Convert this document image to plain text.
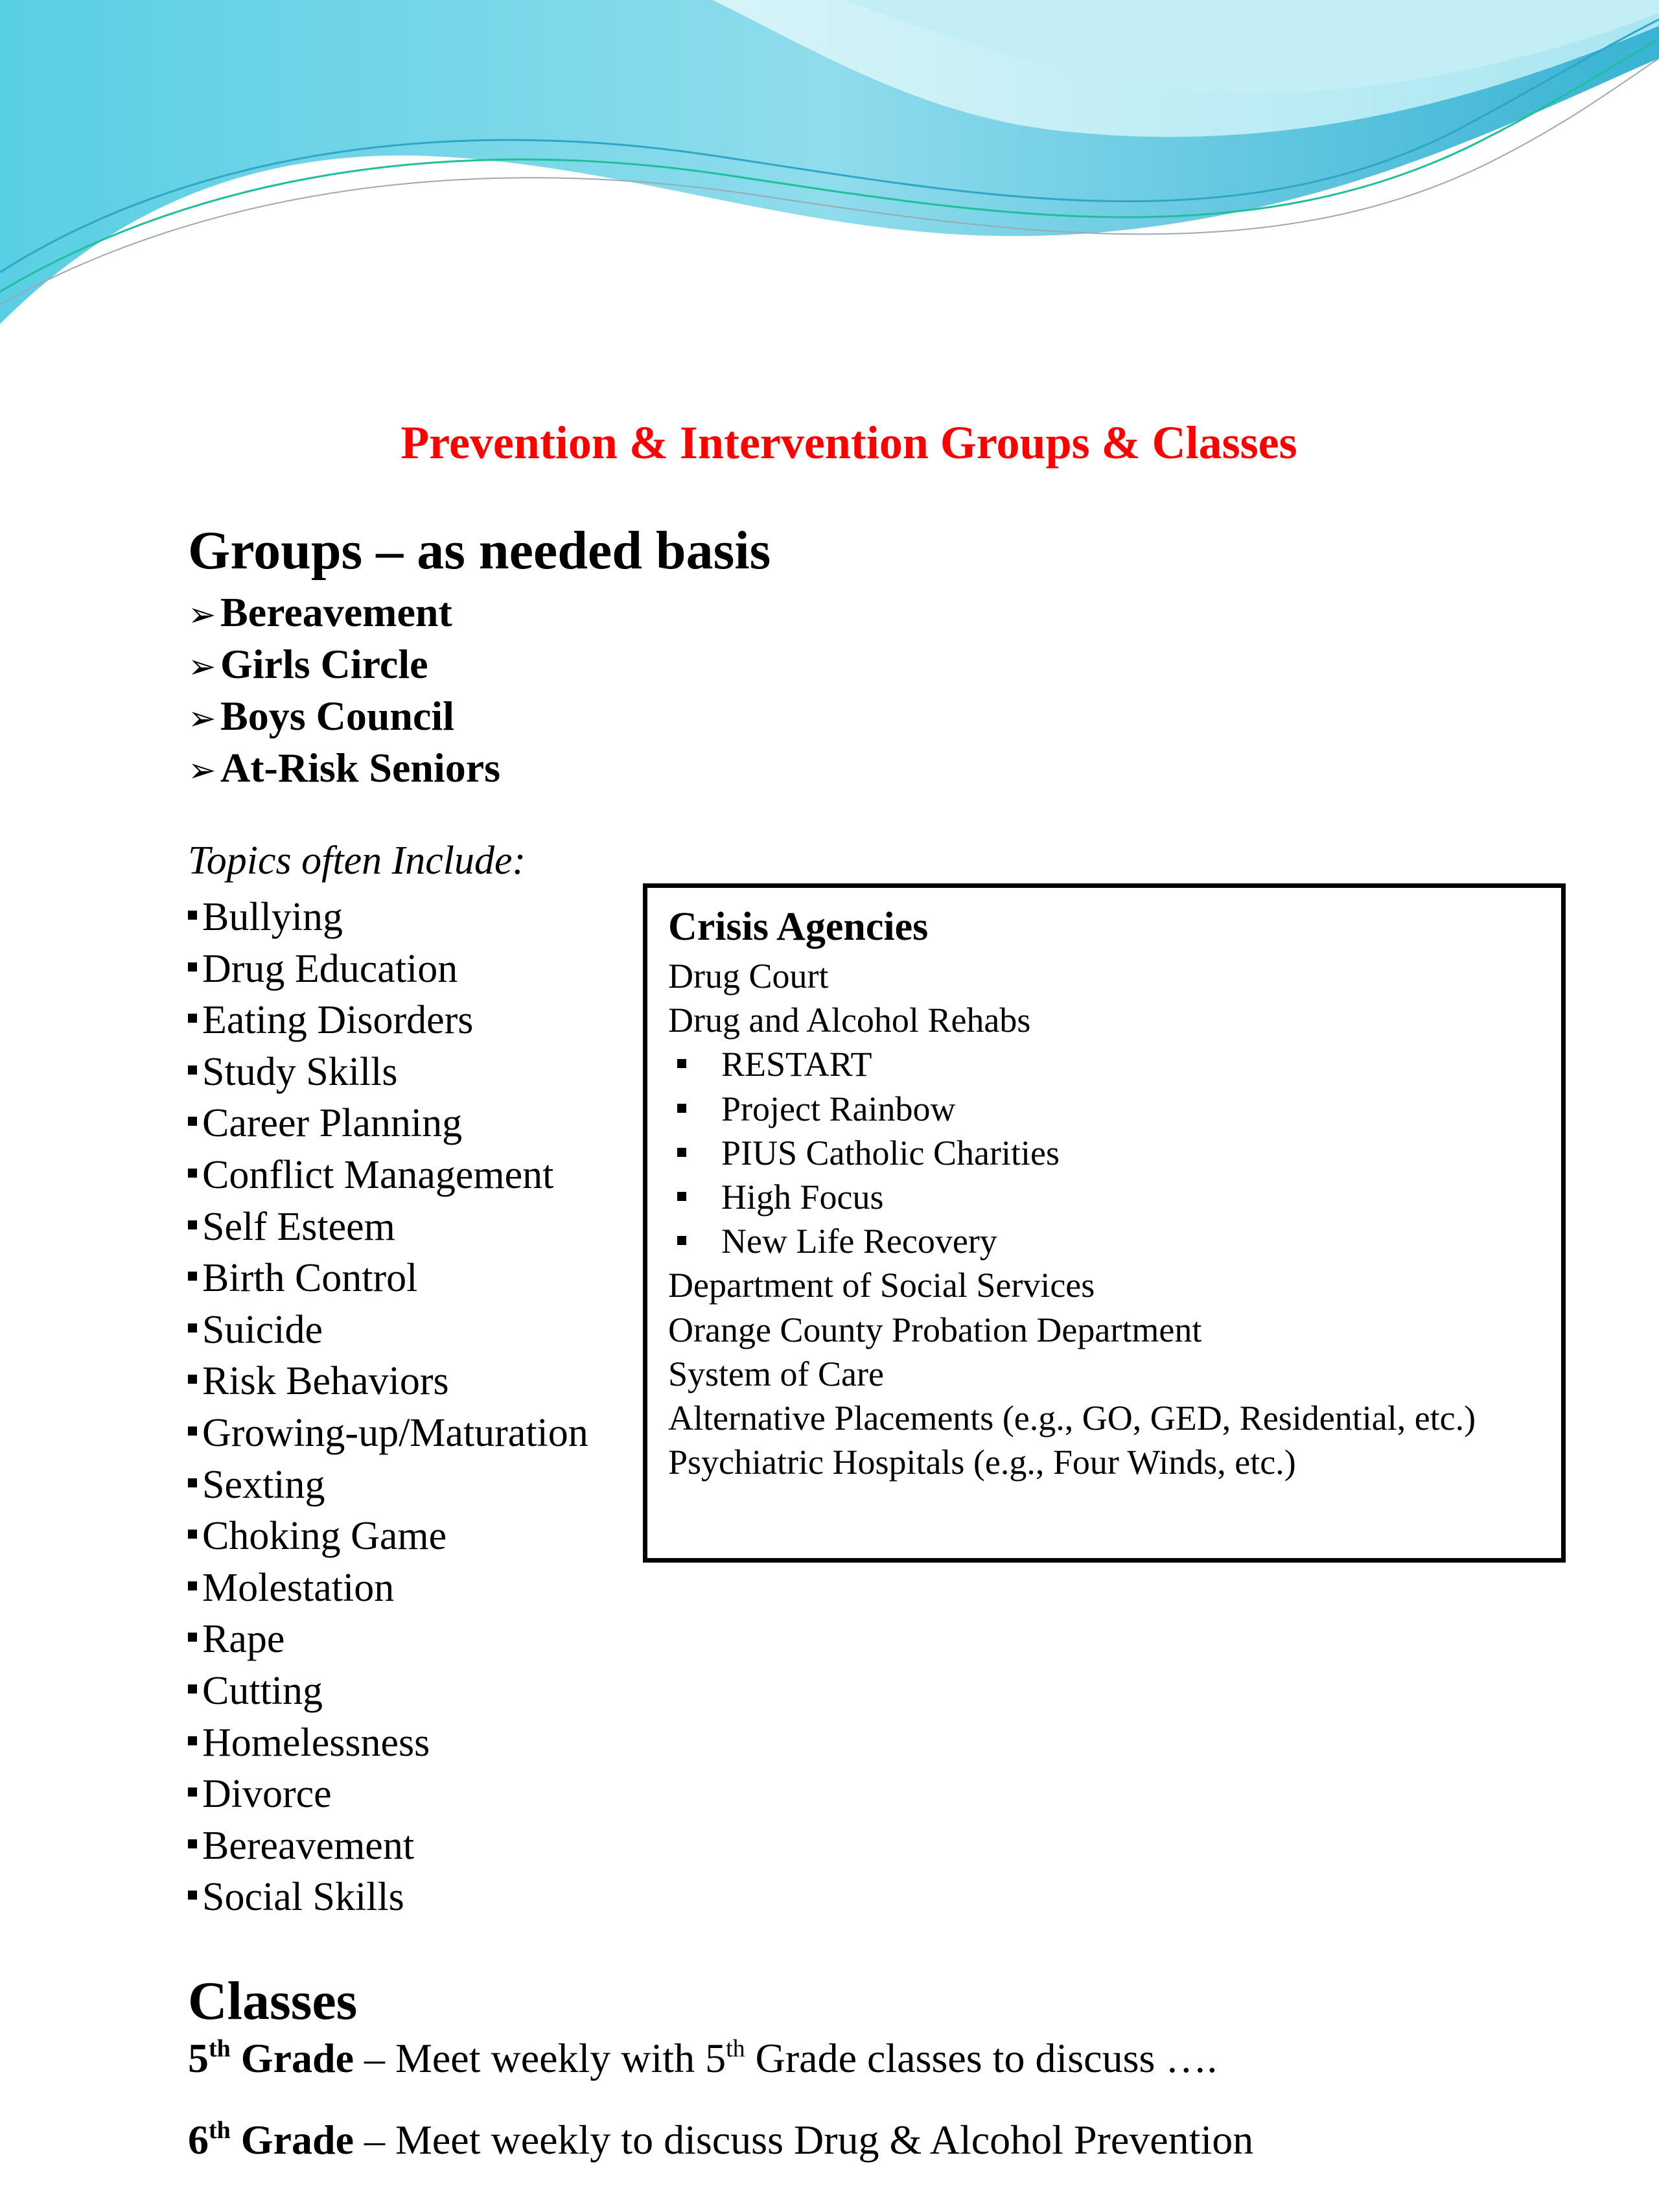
Prevention & Intervention Groups & Classes
Groups – as needed basis
➢ Bereavement
➢ Girls Circle
➢ Boys Council
➢ At-Risk Seniors
Topics often Include:
Bullying
Drug Education
Eating Disorders
Study Skills
Career Planning
Conflict Management
Self Esteem
Birth Control
Suicide
Risk Behaviors
Growing-up/Maturation
Sexting
Choking Game
Molestation
Rape
Cutting
Homelessness
Divorce
Bereavement
Social Skills
Crisis Agencies
Drug Court
Drug and Alcohol Rehabs
RESTART
Project Rainbow
PIUS Catholic Charities
High Focus
New Life Recovery
Department of Social Services
Orange County Probation Department
System of Care
Alternative Placements (e.g., GO, GED, Residential, etc.)
Psychiatric Hospitals (e.g., Four Winds, etc.)
Classes
5th Grade – Meet weekly with 5th Grade classes to discuss ….
6th Grade – Meet weekly to discuss Drug & Alcohol Prevention
